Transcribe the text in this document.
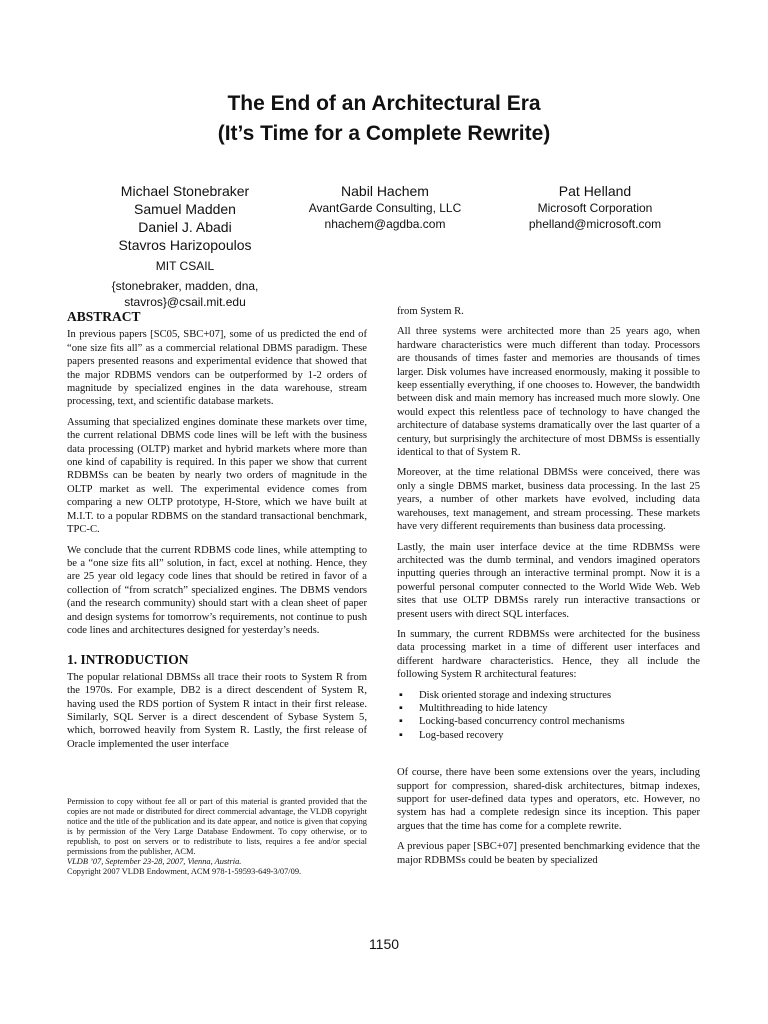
The End of an Architectural Era
(It’s Time for a Complete Rewrite)
Michael Stonebraker
Samuel Madden
Daniel J. Abadi
Stavros Harizopoulos
MIT CSAIL
{stonebraker, madden, dna,
stavros}@csail.mit.edu
Nabil Hachem
AvantGarde Consulting, LLC
nhachem@agdba.com
Pat Helland
Microsoft Corporation
phelland@microsoft.com
ABSTRACT

In previous papers [SC05, SBC+07], some of us predicted the end of “one size fits all” as a commercial relational DBMS paradigm. These papers presented reasons and experimental evidence that showed that the major RDBMS vendors can be outperformed by 1-2 orders of magnitude by specialized engines in the data warehouse, stream processing, text, and scientific database markets.

Assuming that specialized engines dominate these markets over time, the current relational DBMS code lines will be left with the business data processing (OLTP) market and hybrid markets where more than one kind of capability is required. In this paper we show that current RDBMSs can be beaten by nearly two orders of magnitude in the OLTP market as well. The experimental evidence comes from comparing a new OLTP prototype, H-Store, which we have built at M.I.T. to a popular RDBMS on the standard transactional benchmark, TPC-C.

We conclude that the current RDBMS code lines, while attempting to be a “one size fits all” solution, in fact, excel at nothing. Hence, they are 25 year old legacy code lines that should be retired in favor of a collection of “from scratch” specialized engines. The DBMS vendors (and the research community) should start with a clean sheet of paper and design systems for tomorrow’s requirements, not continue to push code lines and architectures designed for yesterday’s needs.

1. INTRODUCTION

The popular relational DBMSs all trace their roots to System R from the 1970s. For example, DB2 is a direct descendent of System R, having used the RDS portion of System R intact in their first release. Similarly, SQL Server is a direct descendent of Sybase System 5, which, borrowed heavily from System R. Lastly, the first release of Oracle implemented the user interface

Permission to copy without fee all or part of this material is granted provided that the copies are not made or distributed for direct commercial advantage, the VLDB copyright notice and the title of the publication and its date appear, and notice is given that copying is by permission of the Very Large Database Endowment. To copy otherwise, or to republish, to post on servers or to redistribute to lists, requires a fee and/or special permissions from the publisher, ACM.

VLDB ’07, September 23-28, 2007, Vienna, Austria.

Copyright 2007 VLDB Endowment, ACM 978-1-59593-649-3/07/09.

from System R.

All three systems were architected more than 25 years ago, when hardware characteristics were much different than today. Processors are thousands of times faster and memories are thousands of times larger. Disk volumes have increased enormously, making it possible to keep essentially everything, if one chooses to. However, the bandwidth between disk and main memory has increased much more slowly. One would expect this relentless pace of technology to have changed the architecture of database systems dramatically over the last quarter of a century, but surprisingly the architecture of most DBMSs is essentially identical to that of System R.

Moreover, at the time relational DBMSs were conceived, there was only a single DBMS market, business data processing. In the last 25 years, a number of other markets have evolved, including data warehouses, text management, and stream processing. These markets have very different requirements than business data processing.

Lastly, the main user interface device at the time RDBMSs were architected was the dumb terminal, and vendors imagined operators inputting queries through an interactive terminal prompt. Now it is a powerful personal computer connected to the World Wide Web. Web sites that use OLTP DBMSs rarely run interactive transactions or present users with direct SQL interfaces.

In summary, the current RDBMSs were architected for the business data processing market in a time of different user interfaces and different hardware characteristics. Hence, they all include the following System R architectural features:

▪ Disk oriented storage and indexing structures
▪ Multithreading to hide latency
▪ Locking-based concurrency control mechanisms
▪ Log-based recovery

Of course, there have been some extensions over the years, including support for compression, shared-disk architectures, bitmap indexes, support for user-defined data types and operators, etc. However, no system has had a complete redesign since its inception. This paper argues that the time has come for a complete rewrite.

A previous paper [SBC+07] presented benchmarking evidence that the major RDBMSs could be beaten by specialized

1150
